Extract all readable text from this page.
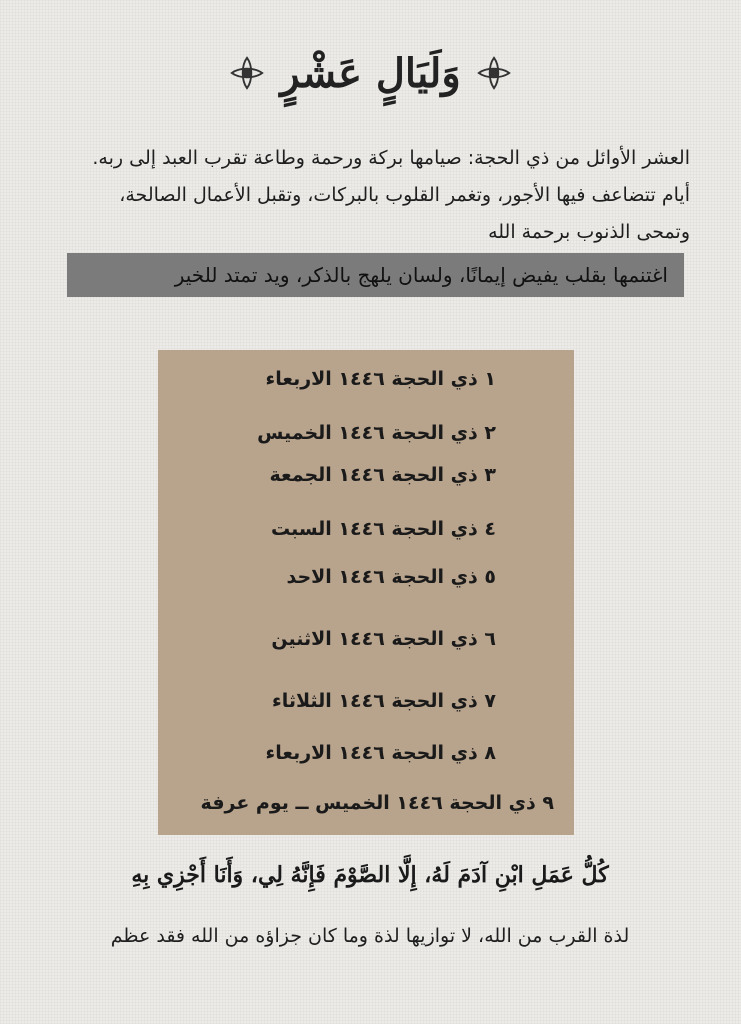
وَلَيَالٍ عَشْرٍ
العشر الأوائل من ذي الحجة: صيامها بركة ورحمة وطاعة تقرب العبد إلى ربه. أيام تتضاعف فيها الأجور، وتغمر القلوب بالبركات، وتقبل الأعمال الصالحة، وتمحى الذنوب برحمة الله
اغتنمها بقلب يفيض إيمانًا، ولسان يلهج بالذكر، ويد تمتد للخير
١ ذي الحجة ١٤٤٦ الاربعاء
٢ ذي الحجة ١٤٤٦ الخميس
٣ ذي الحجة ١٤٤٦ الجمعة
٤ ذي الحجة ١٤٤٦ السبت
٥ ذي الحجة ١٤٤٦ الاحد
٦ ذي الحجة ١٤٤٦ الاثنين
٧ ذي الحجة ١٤٤٦ الثلاثاء
٨ ذي الحجة ١٤٤٦ الاربعاء
٩ ذي الحجة ١٤٤٦ الخميس ــ يوم عرفة
كُلُّ عَمَلِ ابْنِ آدَمَ لَهُ، إِلَّا الصَّوْمَ فَإِنَّهُ لِي، وَأَنَا أَجْزِي بِهِ
لذة القرب من الله، لا توازيها لذة وما كان جزاؤه من الله فقد عظم
